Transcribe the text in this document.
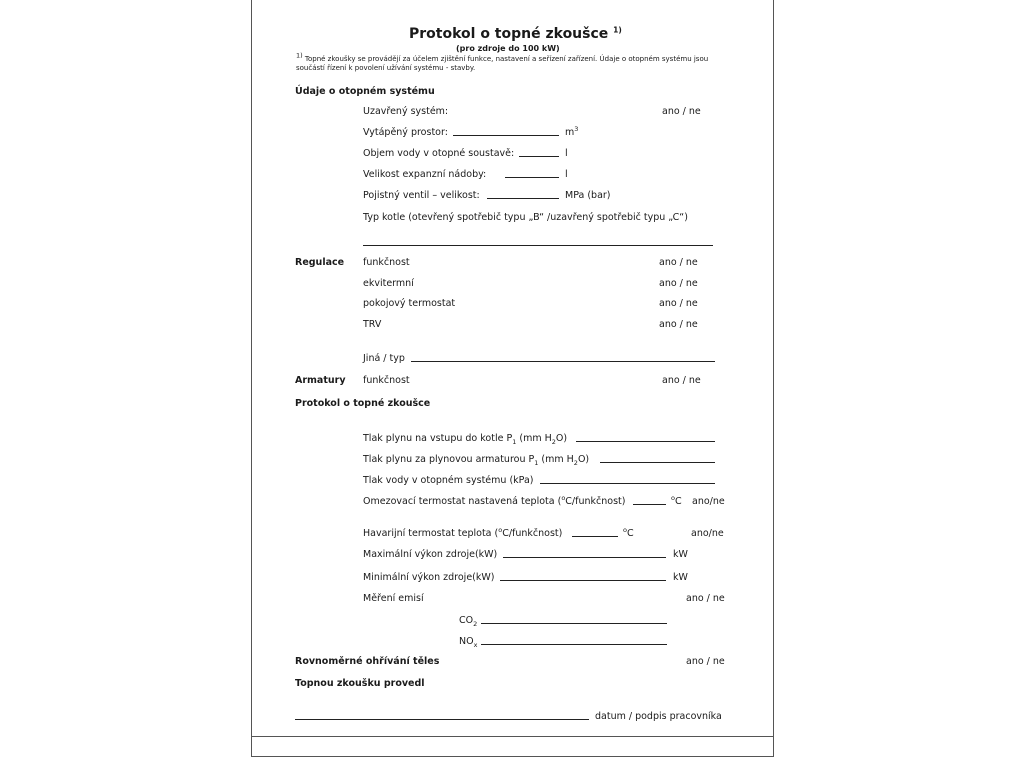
Protokol o topné zkoušce $^{1)}$
(pro zdroje do 100 kW)
1) Topné zkoušky se provádějí za účelem zjištění funkce, nastavení a seřízení zařízení. Údaje o otopném systému jsou součástí řízení k povolení užívání systému - stavby.
Údaje o otopném systému
Uzavřený systém:	ano / ne
Vytápěný prostor:	$m^3$
Objem vody v otopné soustavě:	l
Velikost expanzní nádoby:	l
Pojistný ventil – velikost:	MPa (bar)
Typ kotle (otevřený spotřebič typu „B“ /uzavřený spotřebič typu „C“)
Regulace funkčnost	ano / ne
ekvitermní	ano / ne
pokojový termostat	ano / ne
TRV	ano / ne
Jiná / typ
Armatury funkčnost	ano / ne
Protokol o topné zkoušce
Tlak plynu na vstupu do kotle $P_1$ (mm $H_2O$)
Tlak plynu za plynovou armaturou $P_1$ (mm $H_2O$)
Tlak vody v otopném systému (kPa)
Omezovací termostat nastavená teplota ($^o$C/funkčnost)	$^o$C ano/ne
Havarijní termostat teplota ($^o$C/funkčnost)	$^o$C	ano/ne
Maximální výkon zdroje(kW)	kW
Minimální výkon zdroje(kW)	kW
Měření emisí	ano / ne
$CO_2$
$NO_x$
Rovnoměrné ohřívání těles	ano / ne
Topnou zkoušku provedl
datum / podpis pracovníka
